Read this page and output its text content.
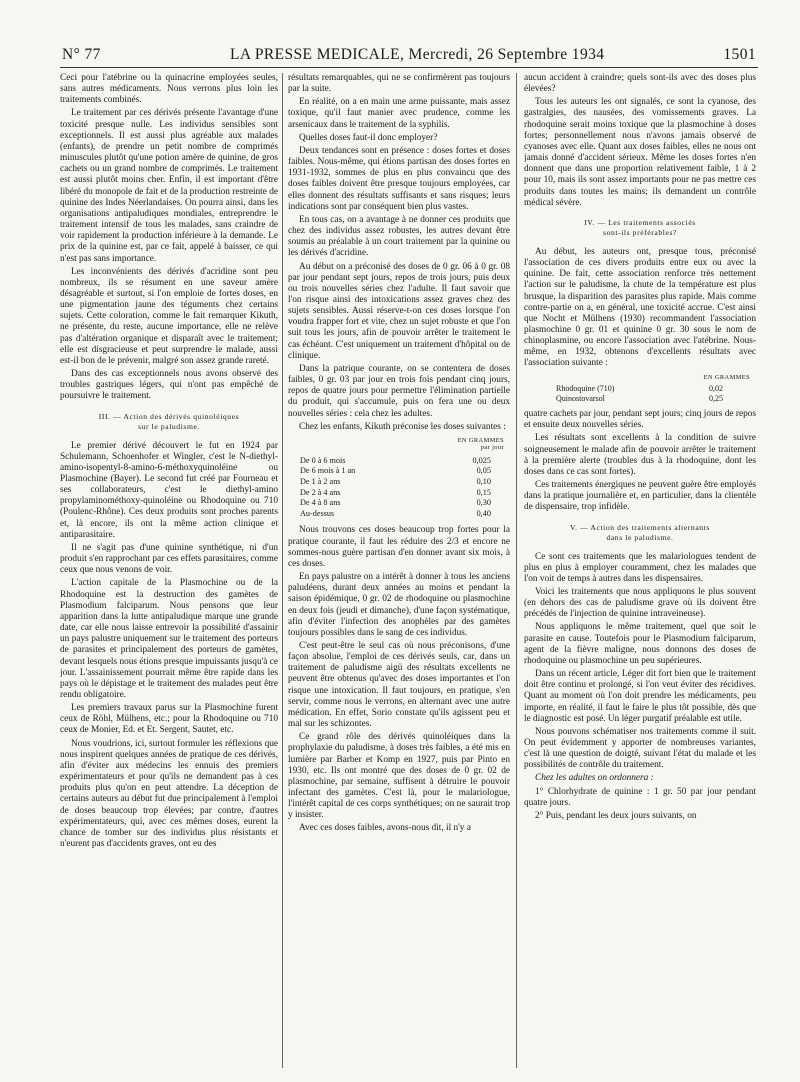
N° 77	LA PRESSE MEDICALE, Mercredi, 26 Septembre 1934	1501

Ceci pour l'atébrine ou la quinacrine employées seules, sans autres médicaments. Nous verrons plus loin les traitements combinés.

Le traitement par ces dérivés présente l'avantage d'une toxicité presque nulle. Les individus sensibles sont exceptionnels. Il est aussi plus agréable aux malades (enfants), de prendre un petit nombre de comprimés minuscules plutôt qu'une potion amère de quinine, de gros cachets ou un grand nombre de comprimés. Le traitement est aussi plutôt moins cher. Enfin, il est important d'être libéré du monopole de fait et de la production restreinte de quinine des Indes Néerlandaises. On pourra ainsi, dans les organisations antipaludiques mondiales, entreprendre le traitement intensif de tous les malades, sans craindre de voir rapidement la production inférieure à la demande. Le prix de la quinine est, par ce fait, appelé à baisser, ce qui n'est pas sans importance.

Les inconvénients des dérivés d'acridine sont peu nombreux, ils se résument en une saveur amère désagréable et surtout, si l'on emploie de fortes doses, en une pigmentation jaune des téguments chez certains sujets. Cette coloration, comme le fait remarquer Kikuth, ne présente, du reste, aucune importance, elle ne relève pas d'altération organique et disparaît avec le traitement; elle est disgracieuse et peut surprendre le malade, aussi est-il bon de le prévenir, malgré son assez grande rareté.

Dans des cas exceptionnels nous avons observé des troubles gastriques légers, qui n'ont pas empêché de poursuivre le traitement.

III. — Action des dérivés quinoléiques
sur le paludisme.

Le premier dérivé découvert le fut en 1924 par Schulemann, Schoenhofer et Wingler, c'est le N-diethyl-amino-isopentyl-8-amino-6-méthoxyquinoléine ou Plasmochine (Bayer). Le second fut créé par Fourneau et ses collaborateurs, c'est le diethyl-amino propylaminométhoxy-quinoléine ou Rhodoquine ou 710 (Poulenc-Rhône). Ces deux produits sont proches parents et, là encore, ils ont la même action clinique et antiparasitaire.

Il ne s'agit pas d'une quinine synthétique, ni d'un produit s'en rapprochant par ces effets parasitaires, comme ceux que nous venons de voir.

L'action capitale de la Plasmochine ou de la Rhodoquine est la destruction des gamètes de Plasmodium falciparum. Nous pensons que leur apparition dans la lutte antipaludique marque une grande date, car elle nous laisse entrevoir la possibilité d'assainir un pays palustre uniquement sur le traitement des porteurs de parasites et principalement des porteurs de gamètes, devant lesquels nous étions presque impuissants jusqu'à ce jour. L'assainissement pourrait même être rapide dans les pays où le dépistage et le traitement des malades peut être rendu obligatoire.

Les premiers travaux parus sur la Plasmochine furent ceux de Röhl, Mülhens, etc.; pour la Rhodoquine ou 710 ceux de Monier, Ed. et Et. Sergent, Sautet, etc.

Nous voudrions, ici, surtout formuler les réflexions que nous inspirent quelques années de pratique de ces dérivés, afin d'éviter aux médecins les ennuis des premiers expérimentateurs et pour qu'ils ne demandent pas à ces produits plus qu'on en peut attendre. La déception de certains auteurs au début fut due principalement à l'emploi de doses beaucoup trop élevées; par contre, d'autres expérimentateurs, qui, avec ces mêmes doses, eurent la chance de tomber sur des individus plus résistants et n'eurent pas d'accidents graves, ont eu des

résultats remarquables, qui ne se confirmèrent pas toujours par la suite.

En réalité, on a en main une arme puissante, mais assez toxique, qu'il faut manier avec prudence, comme les arsenicaux dans le traitement de la syphilis.

Quelles doses faut-il donc employer?

Deux tendances sont en présence : doses fortes et doses faibles. Nous-même, qui étions partisan des doses fortes en 1931-1932, sommes de plus en plus convaincu que des doses faibles doivent être presque toujours employées, car elles donnent des résultats suffisants et sans risques; leurs indications sont par conséquent bien plus vastes.

En tous cas, on a avantage à ne donner ces produits que chez des individus assez robustes, les autres devant être soumis au préalable à un court traitement par la quinine ou les dérivés d'acridine.

Au début on a préconisé des doses de 0 gr. 06 à 0 gr. 08 par jour pendant sept jours, repos de trois jours, puis deux ou trois nouvelles séries chez l'adulte. Il faut savoir que l'on risque ainsi des intoxications assez graves chez des sujets sensibles. Aussi réserve-t-on ces doses lorsque l'on voudra frapper fort et vite, chez un sujet robuste et que l'on suit tous les jours, afin de pouvoir arrêter le traitement le cas échéant. C'est uniquement un traitement d'hôpital ou de clinique.

Dans la patrique courante, on se contentera de doses faibles, 0 gr. 03 par jour en trois fois pendant cinq jours, repos de quatre jours pour permettre l'élimination partielle du produit, qui s'accumule, puis on fera une ou deux nouvelles séries : cela chez les adultes.

Chez les enfants, Kikuth préconise les doses suivantes :

EN GRAMMES
par jour
De 0 à 6 mois	0,025
De 6 mois à 1 an	0,05
De 1 à 2 ans	0,10
De 2 à 4 ans	0,15
De 4 à 8 ans	0,30
Au-dessus	0,40

Nous trouvons ces doses beaucoup trop fortes pour la pratique courante, il faut les réduire des 2/3 et encore ne sommes-nous guère partisan d'en donner avant six mois, à ces doses.

En pays palustre on a intérêt à donner à tous les anciens paludéens, durant deux années au moins et pendant la saison épidémique, 0 gr. 02 de rhodoquine ou plasmochine en deux fois (jeudi et dimanche), d'une façon systématique, afin d'éviter l'infection des anophèles par des gamètes toujours possibles dans le sang de ces individus.

C'est peut-être le seul cas où nous préconisons, d'une façon absolue, l'emploi de ces dérivés seuls, car, dans un traitement de paludisme aigü des résultats excellents ne peuvent être obtenus qu'avec des doses importantes et l'on risque une intoxication. Il faut toujours, en pratique, s'en servir, comme nous le verrons, en alternant avec une autre médication. En effet, Sorio constate qu'ils agissent peu et mal sur les schizontes.

Ce grand rôle des dérivés quinoléiques dans la prophylaxie du paludisme, à doses très faibles, a été mis en lumière par Barber et Komp en 1927, puis par Pinto en 1930, etc. Ils ont montré que des doses de 0 gr. 02 de plasmochine, par semaine, suffisent à détruire le pouvoir infectant des gamètes. C'est là, pour le malariologue, l'intérêt capital de ces corps synthétiques; on ne saurait trop y insister.

Avec ces doses faibles, avons-nous dit, il n'y a

aucun accident à craindre; quels sont-ils avec des doses plus élevées?

Tous les auteurs les ont signalés, ce sont la cyanose, des gastralgies, des nausées, des vomissements graves. La rhodoquine serait moins toxique que la plasmochine à doses fortes; personnellement nous n'avons jamais observé de cyanoses avec elle. Quant aux doses faibles, elles ne nous ont jamais donné d'accident sérieux. Même les doses fortes n'en donnent que dans une proportion relativement faible, 1 à 2 pour 10, mais ils sont assez importants pour ne pas mettre ces produits dans toutes les mains; ils demandent un contrôle médical sévère.

IV. — Les traitements associés
sont-ils préférables?

Au début, les auteurs ont, presque tous, préconisé l'association de ces divers produits entre eux ou avec la quinine. De fait, cette association renforce très nettement l'action sur le paludisme, la chute de la température est plus brusque, la disparition des parasites plus rapide. Mais comme contre-partie on a, en général, une toxicité accrue. C'est ainsi que Nocht et Mülhens (1930) recommandent l'association plasmochine 0 gr. 01 et quinine 0 gr. 30 sous le nom de chinoplasmine, ou encore l'association avec l'atébrine. Nous-même, en 1932, obtenons d'excellents résultats avec l'association suivante :

EN GRAMMES
Rhodoquine (710)	0,02
Quinostovarsol	0,25

quatre cachets par jour, pendant sept jours; cinq jours de repos et ensuite deux nouvelles séries.

Les résultats sont excellents à la condition de suivre soigneusement le malade afin de pouvoir arrêter le traitement à la première alerte (troubles dus à la rhodoquine, dont les doses dans ce cas sont fortes).

Ces traitements énergiques ne peuvent guère être employés dans la pratique journalière et, en particulier, dans la clientèle de dispensaire, trop infidèle.

V. — Action des traitements alternants
dans le paludisme.

Ce sont ces traitements que les malariologues tendent de plus en plus à employer couramment, chez les malades que l'on voit de temps à autres dans les dispensaires.

Voici les traitements que nous appliquons le plus souvent (en dehors des cas de paludisme grave où ils doivent être précédés de l'injection de quinine intraveineuse).

Nous appliquons le même traitement, quel que soit le parasite en cause. Toutefois pour le Plasmodium falciparum, agent de la fièvre maligne, nous donnons des doses de rhodoquine ou plasmochine un peu supérieures.

Dans un récent article, Léger dit fort bien que le traitement doit être continu et prolongé, si l'on veut éviter des récidives. Quant au moment où l'on doit prendre les médicaments, peu importe, en réalité, il faut le faire le plus tôt possible, dès que le diagnostic est posé. Un léger purgatif préalable est utile.

Nous pouvons schématiser nos traitements comme il suit. On peut évidemment y apporter de nombreuses variantes, c'est là une question de doigté, suivant l'état du malade et les possibilités de contrôle du traitement.

Chez les adultes on ordonnera :

1° Chlorhydrate de quinine : 1 gr. 50 par jour pendant quatre jours.

2° Puis, pendant les deux jours suivants, on
